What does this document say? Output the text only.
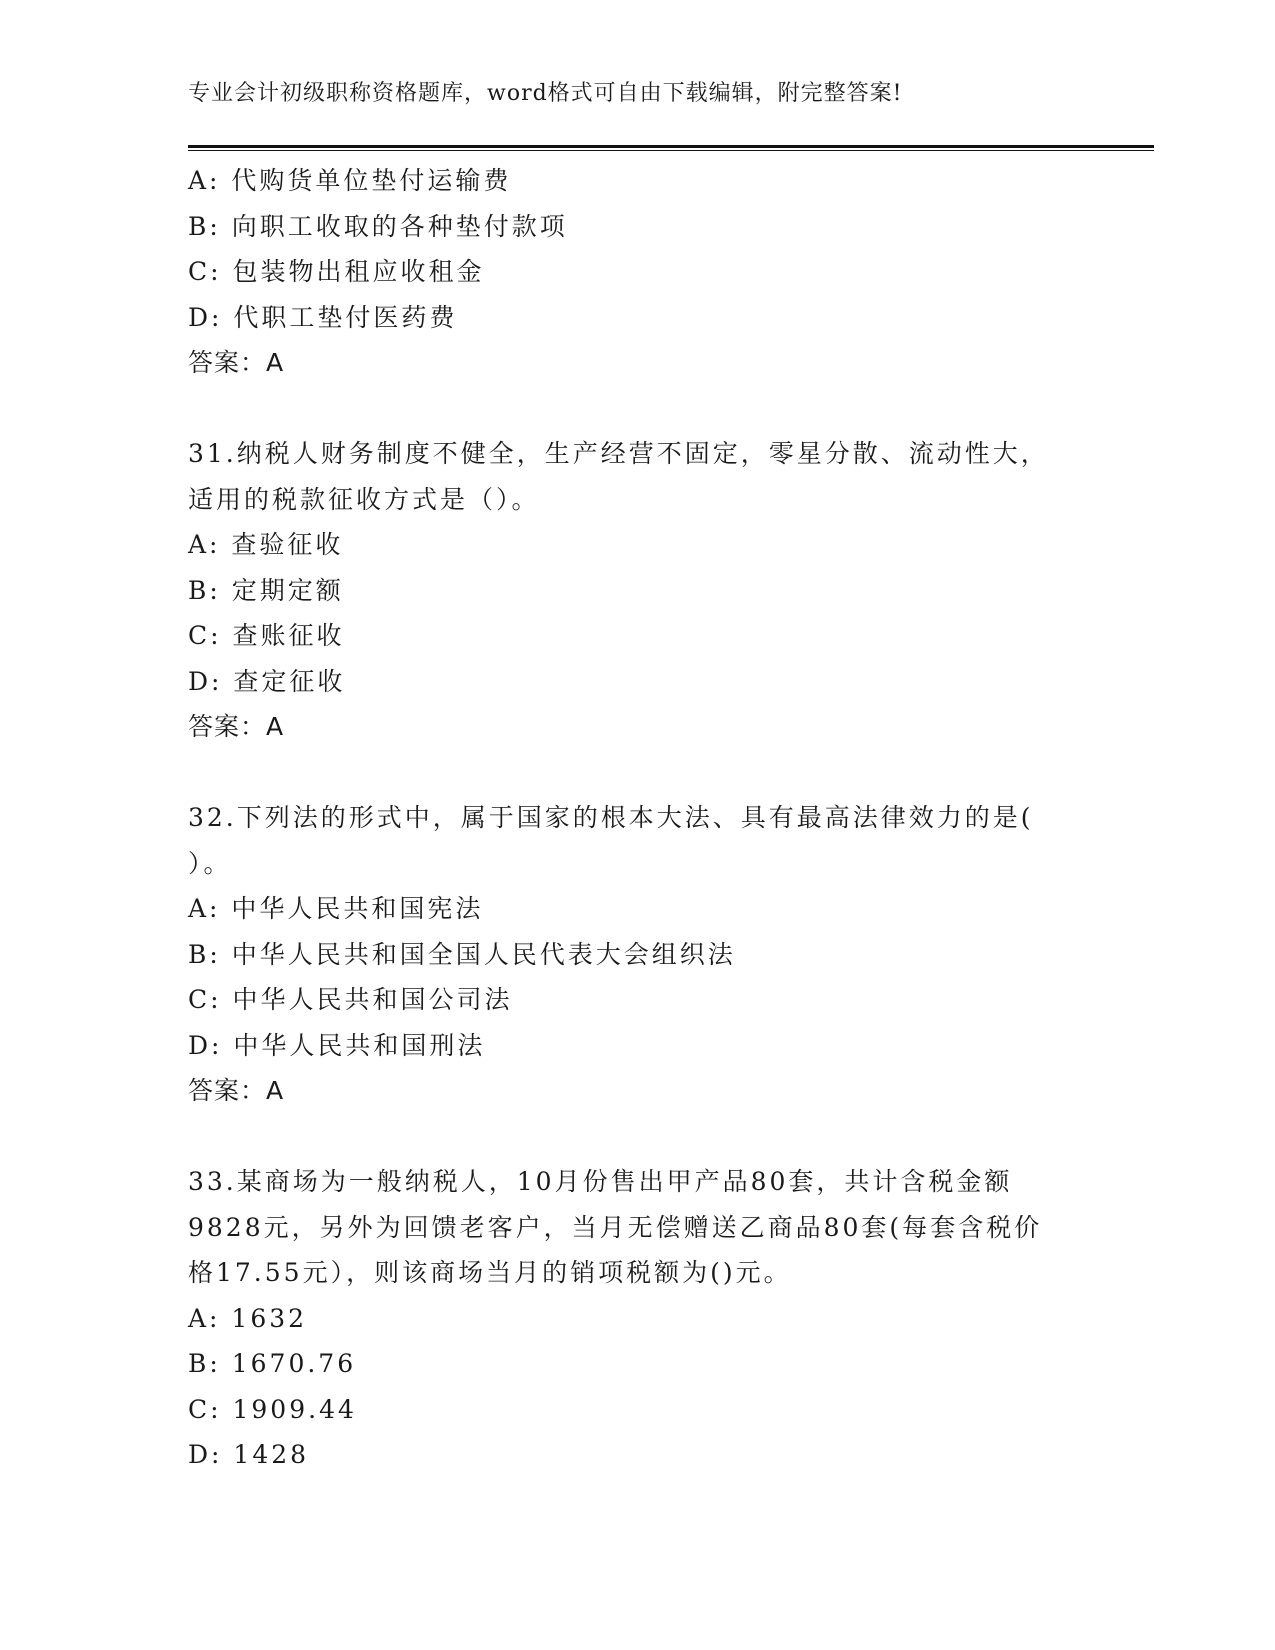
专业会计初级职称资格题库，word格式可自由下载编辑，附完整答案!
A: 代购货单位垫付运输费
B: 向职工收取的各种垫付款项
C: 包装物出租应收租金
D: 代职工垫付医药费
答案：A
31.纳税人财务制度不健全，生产经营不固定，零星分散、流动性大，
适用的税款征收方式是（）。
A: 查验征收
B: 定期定额
C: 查账征收
D: 查定征收
答案：A
32.下列法的形式中，属于国家的根本大法、具有最高法律效力的是(
）。
A: 中华人民共和国宪法
B: 中华人民共和国全国人民代表大会组织法
C: 中华人民共和国公司法
D: 中华人民共和国刑法
答案：A
33.某商场为一般纳税人，10月份售出甲产品80套，共计含税金额
9828元，另外为回馈老客户，当月无偿赠送乙商品80套(每套含税价
格17.55元），则该商场当月的销项税额为()元。
A: 1632
B: 1670.76
C: 1909.44
D: 1428
